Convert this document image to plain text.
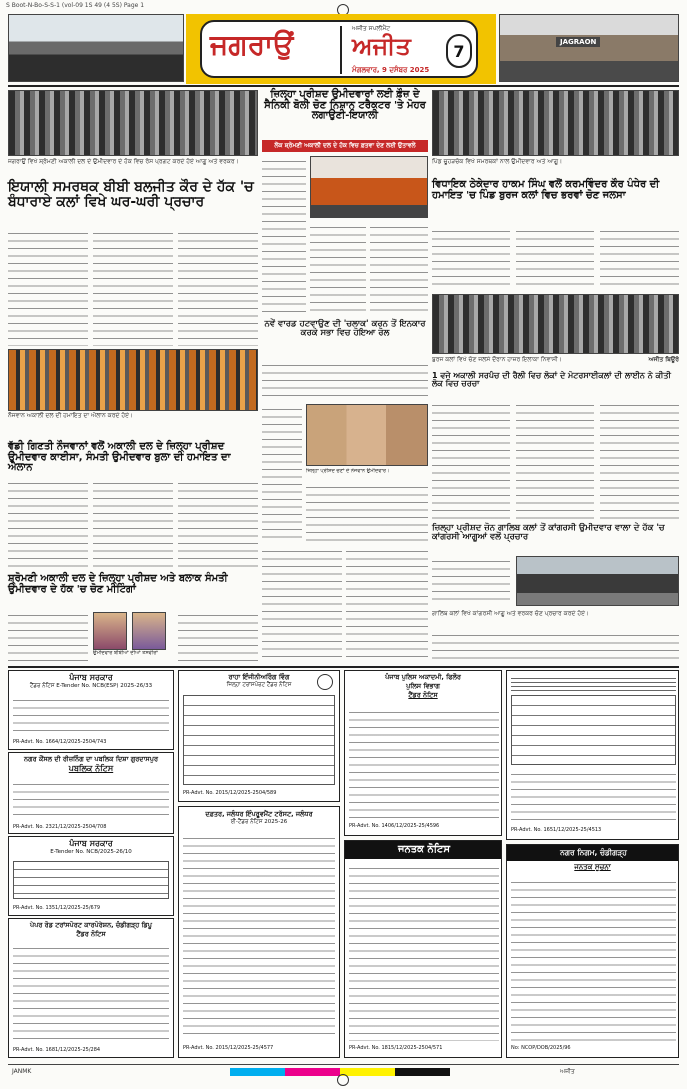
S Boot-N-Bo-S-S-1 (vol-09 1S 49 (4 5S) Page 1
ਜਗਰਾਉਂ	ਅਜੀਤ ਸਪਲੀਮੈਂਟ
ਅਜੀਤ
ਮੰਗਲਵਾਰ, 9 ਦਸੰਬਰ 2025
7	JAGRAON
ਜਗਰਾਉਂ ਵਿਖੇ ਸ਼੍ਰੋਮਣੀ ਅਕਾਲੀ ਦਲ ਦੇ ਉਮੀਦਵਾਰ ਦੇ ਹੱਕ ਵਿਚ ਰੋਸ ਪ੍ਰਗਟ ਕਰਦੇ ਹੋਏ ਆਗੂ ਅਤੇ ਵਰਕਰ।
ਇਯਾਲੀ ਸਮਰਥਕ ਬੀਬੀ ਬਲਜੀਤ ਕੌਰ ਦੇ ਹੱਕ 'ਚ ਬੰਧਾਰਾਏ ਕਲਾਂ ਵਿਖੇ ਘਰ-ਘਰੀ ਪ੍ਰਚਾਰ
ਨੌਜਵਾਨ ਅਕਾਲੀ ਦਲ ਦੀ ਹਮਾਇਤ ਦਾ ਐਲਾਨ ਕਰਦੇ ਹੋਏ।
ਵੱਡੀ ਗਿਣਤੀ ਨੌਜਵਾਨਾਂ ਵਲੋਂ ਅਕਾਲੀ ਦਲ ਦੇ ਜ਼ਿਲ੍ਹਾ ਪ੍ਰੀਸ਼ਦ ਉਮੀਦਵਾਰ ਕਾਈਸਾ, ਸੰਮਤੀ ਉਮੀਦਵਾਰ ਬੁਲਾ ਦੀ ਹਮਾਇਤ ਦਾ ਐਲਾਨ
ਸ਼੍ਰੋਮਣੀ ਅਕਾਲੀ ਦਲ ਦੇ ਜ਼ਿਲ੍ਹਾ ਪ੍ਰੀਸ਼ਦ ਅਤੇ ਬਲਾਕ ਸੰਮਤੀ ਉਮੀਦਵਾਰ ਦੇ ਹੱਕ 'ਚ ਚੋਣ ਮੀਟਿੰਗਾਂ
ਉਮੀਦਵਾਰ ਬੀਬੀਆਂ ਦੀਆਂ ਤਸਵੀਰਾਂ
ਜ਼ਿਲ੍ਹਾ ਪ੍ਰੀਸ਼ਦ ਉਮੀਦਵਾਰਾਂ ਲਈ ਫ਼ੌਜ਼ ਦੇ ਸੈਨਿਕੀ ਬੋਲੀ ਚੋਣ ਨਿਸ਼ਾਨ ਟਰੈਕਟਰ 'ਤੇ ਮੋਹਰ ਲਗਾਉਣੀ-ਇਯਾਲੀ
ਲੋਕ ਸ਼੍ਰੋਮਣੀ ਅਕਾਲੀ ਦਲ ਦੇ ਹੱਕ ਵਿਚ ਫ਼ਤਵਾ ਦੇਣ ਲਈ ਉਤਾਵਲੇ
ਨਵੇਂ ਵਾਰਡ ਹਟਵਾਉਣ ਦੀ 'ਚਲਾਕ' ਕਰਨ ਤੋਂ ਇਨਕਾਰ ਕਰਕੇ ਸਭਾ ਵਿਚ ਹੋਇਆ ਰੋਲ
ਜ਼ਿਲ੍ਹਾ ਪ੍ਰੀਸ਼ਦ ਚੋਣਾਂ ਦੇ ਨੌਜਵਾਨ ਉਮੀਦਵਾਰ।
ਪਿੰਡ ਚੂਹੜਚੱਕ ਵਿਖੇ ਸਮਰਥਕਾਂ ਨਾਲ ਉਮੀਦਵਾਰ ਅਤੇ ਆਗੂ।
ਵਿਧਾਇਕ ਠੇਕੇਦਾਰ ਹਾਕਮ ਸਿੰਘ ਵਲੋਂ ਕਰਮਵਿੰਦਰ ਕੌਰ ਪੰਧੇਰ ਦੀ ਹਮਾਇਤ 'ਚ ਪਿੰਡ ਬੁਰਜ ਕਲਾਂ ਵਿਚ ਭਰਵਾਂ ਚੋਣ ਜਲਸਾ
ਬੁਰਜ ਕਲਾਂ ਵਿਖੇ ਚੋਣ ਜਲਸੇ ਦੌਰਾਨ ਹਾਜ਼ਰ ਇਲਾਕਾ ਨਿਵਾਸੀ।	ਅਜੀਤ ਬਿਊਰੋ
1 ਵਜੇ ਅਕਾਲੀ ਸਰਪੰਚ ਦੀ ਰੈਲੀ ਵਿਚ ਲੋਕਾਂ ਦੇ ਮੋਟਰਸਾਈਕਲਾਂ ਦੀ ਲਾਈਨ ਨੇ ਕੀਤੀ ਲੋਕ ਵਿਚ ਚਰਚਾ
ਜ਼ਿਲ੍ਹਾ ਪ੍ਰੀਸ਼ਦ ਜ਼ੋਨ ਗਾਲਿਬ ਕਲਾਂ ਤੋਂ ਕਾਂਗਰਸੀ ਉਮੀਦਵਾਰ ਵਾਲਾ ਦੇ ਹੱਕ 'ਚ ਕਾਂਗਰਸੀ ਆਗੂਆਂ ਵਲੋਂ ਪ੍ਰਚਾਰ
ਗਾਲਿਬ ਕਲਾਂ ਵਿਖੇ ਕਾਂਗਰਸੀ ਆਗੂ ਅਤੇ ਵਰਕਰ ਚੋਣ ਪ੍ਰਚਾਰ ਕਰਦੇ ਹੋਏ।
ਪੰਜਾਬ ਸਰਕਾਰ
ਟੈਂਡਰ ਨੋਟਿਸ E-Tender No. NCB(ESP) 2025-26/33
PR-Advt. No. 1664/12/2025-2504/743
ਨਗਰ ਕੌਂਸਲ ਦੀ ਰੀਜ਼ਨਿੰਗ ਦਾ ਪਬਲਿਕ ਦਿਸ਼ਾ ਗੁਰਦਾਸਪੁਰ
ਪਬਲਿਕ ਨੋਟਿਸ
PR-Advt. No. 2321/12/2025-2504/708
ਪੰਜਾਬ ਸਰਕਾਰ
E-Tender No. NCB/2025-26/10
PR-Advt. No. 1351/12/2025-25/679
ਪੇਪਰ ਰੋਡ ਟਰਾਂਸਪੋਰਟ ਕਾਰਪੋਰੇਸ਼ਨ, ਚੰਡੀਗੜ੍ਹ ਡਿਪੂ
ਟੈਂਡਰ ਨੋਟਿਸ
PR-Advt. No. 1681/12/2025-25/284
ਰਾਹਾ ਇੰਜੀਨੀਅਰਿੰਗ ਵਿੰਗ
ਜਿਲ੍ਹਾ ਟਰਾਂਸਪੋਰਟ ਟੈਂਡਰ ਨੋਟਿਸ
PR-Advt. No. 2015/12/2025-2504/589
ਦਫ਼ਤਰ, ਜਲੰਧਰ ਇੰਪਰੂਵਮੈਂਟ ਟਰੱਸਟ, ਜਲੰਧਰ
ਈ-ਟੈਂਡਰ ਨੋਟਿਸ 2025-26
PR-Advt. No. 2015/12/2025-25/4577
ਪੰਜਾਬ ਪੁਲਿਸ ਅਕਾਦਮੀ, ਫਿਲੌਰ
ਪੁਲਿਸ ਵਿਭਾਗ
ਟੈਂਡਰ ਨੋਟਿਸ
PR-Advt. No. 1406/12/2025-25/4596
ਜਨਤਕ ਨੋਟਿਸ
PR-Advt. No. 1815/12/2025-2504/571
PR-Advt. No. 1651/12/2025-25/4513
ਨਗਰ ਨਿਗਮ, ਚੰਡੀਗੜ੍ਹ
ਜਨਤਕ ਸੂਚਨਾ
No: NCOP/DOB/2025/96
JANMK	ਅਜੀਤ
